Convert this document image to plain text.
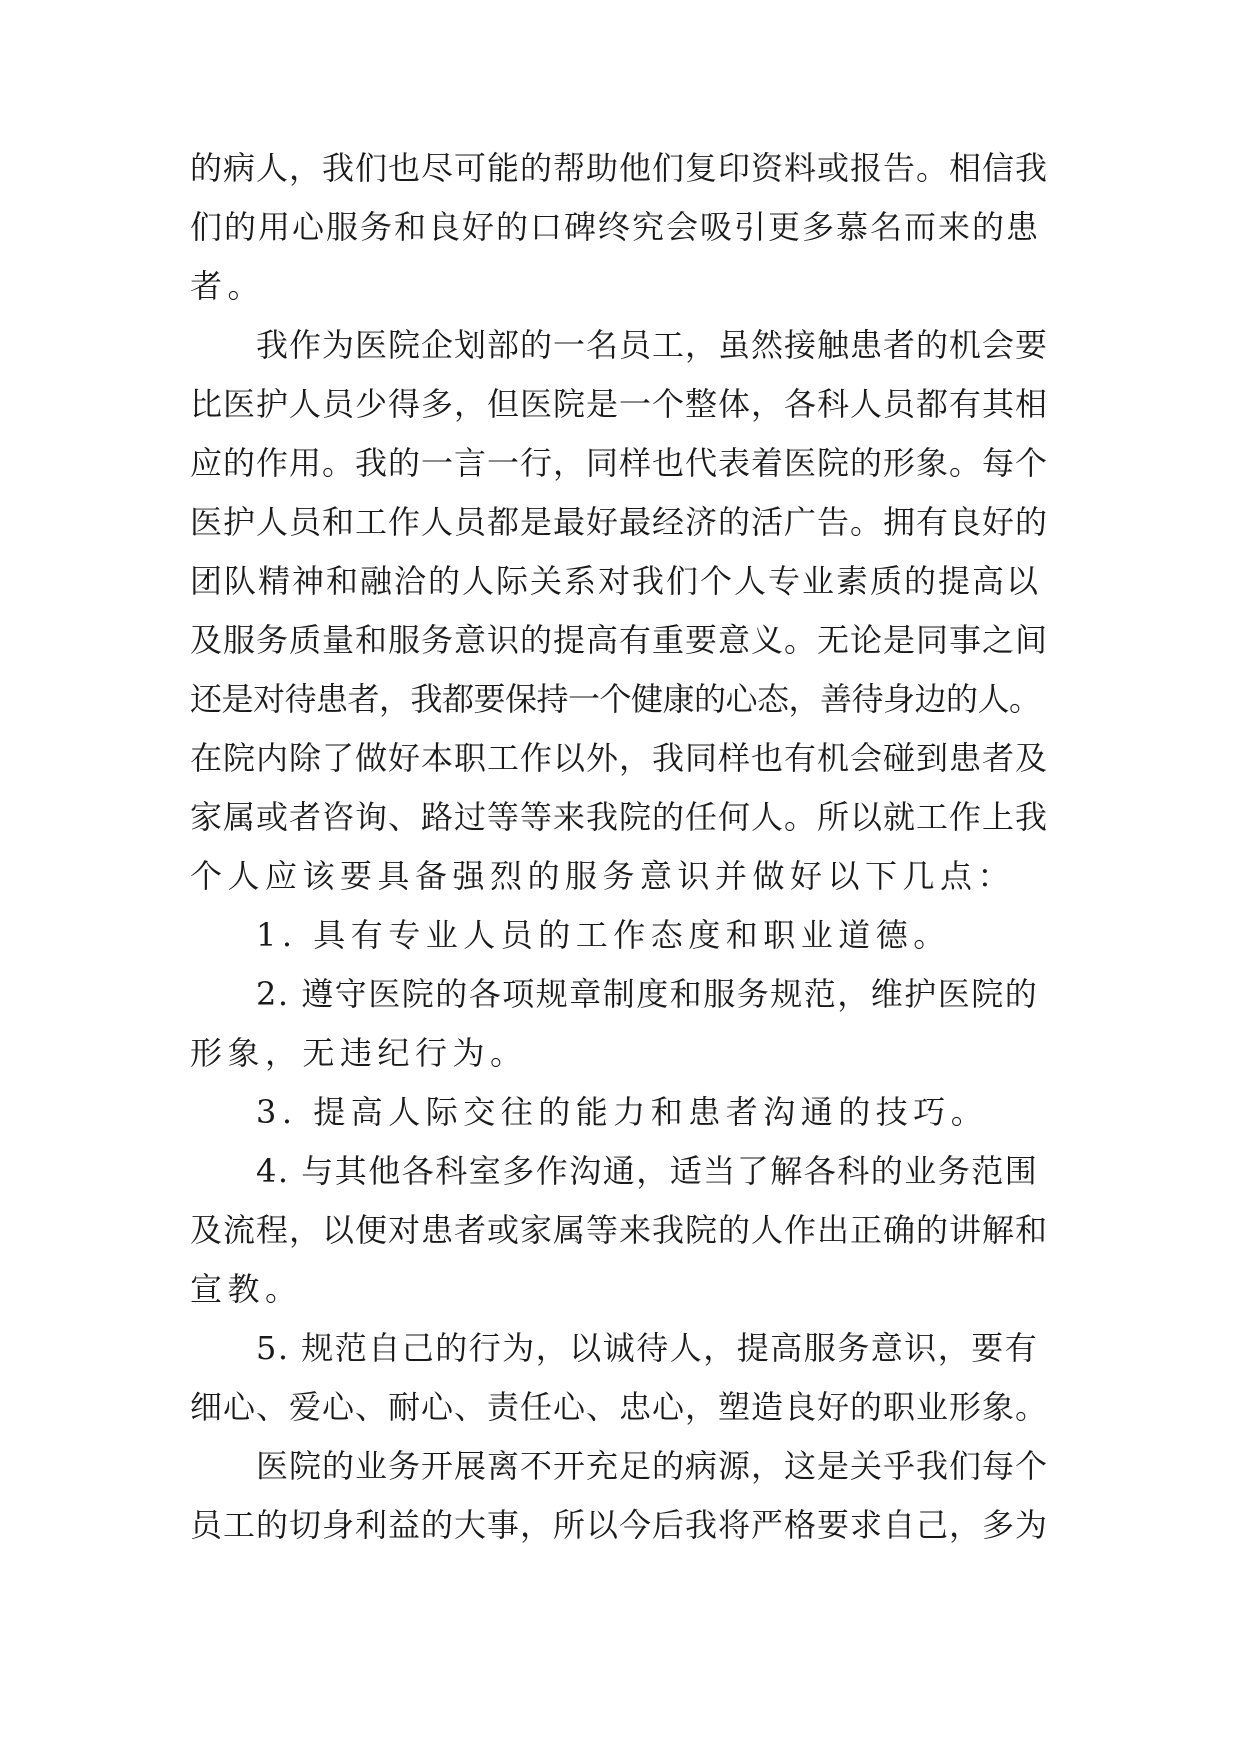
的病人，我们也尽可能的帮助他们复印资料或报告。相信我
们的用心服务和良好的口碑终究会吸引更多慕名而来的患
者。
我作为医院企划部的一名员工，虽然接触患者的机会要
比医护人员少得多，但医院是一个整体，各科人员都有其相
应的作用。我的一言一行，同样也代表着医院的形象。每个
医护人员和工作人员都是最好最经济的活广告。拥有良好的
团队精神和融洽的人际关系对我们个人专业素质的提高以
及服务质量和服务意识的提高有重要意义。无论是同事之间
还是对待患者，我都要保持一个健康的心态，善待身边的人。
在院内除了做好本职工作以外，我同样也有机会碰到患者及
家属或者咨询、路过等等来我院的任何人。所以就工作上我
个人应该要具备强烈的服务意识并做好以下几点：
1. 具有专业人员的工作态度和职业道德。
2. 遵守医院的各项规章制度和服务规范，维护医院的
形象，无违纪行为。
3. 提高人际交往的能力和患者沟通的技巧。
4. 与其他各科室多作沟通，适当了解各科的业务范围
及流程，以便对患者或家属等来我院的人作出正确的讲解和
宣教。
5. 规范自己的行为，以诚待人，提高服务意识，要有
细心、爱心、耐心、责任心、忠心，塑造良好的职业形象。
医院的业务开展离不开充足的病源，这是关乎我们每个
员工的切身利益的大事，所以今后我将严格要求自己，多为
